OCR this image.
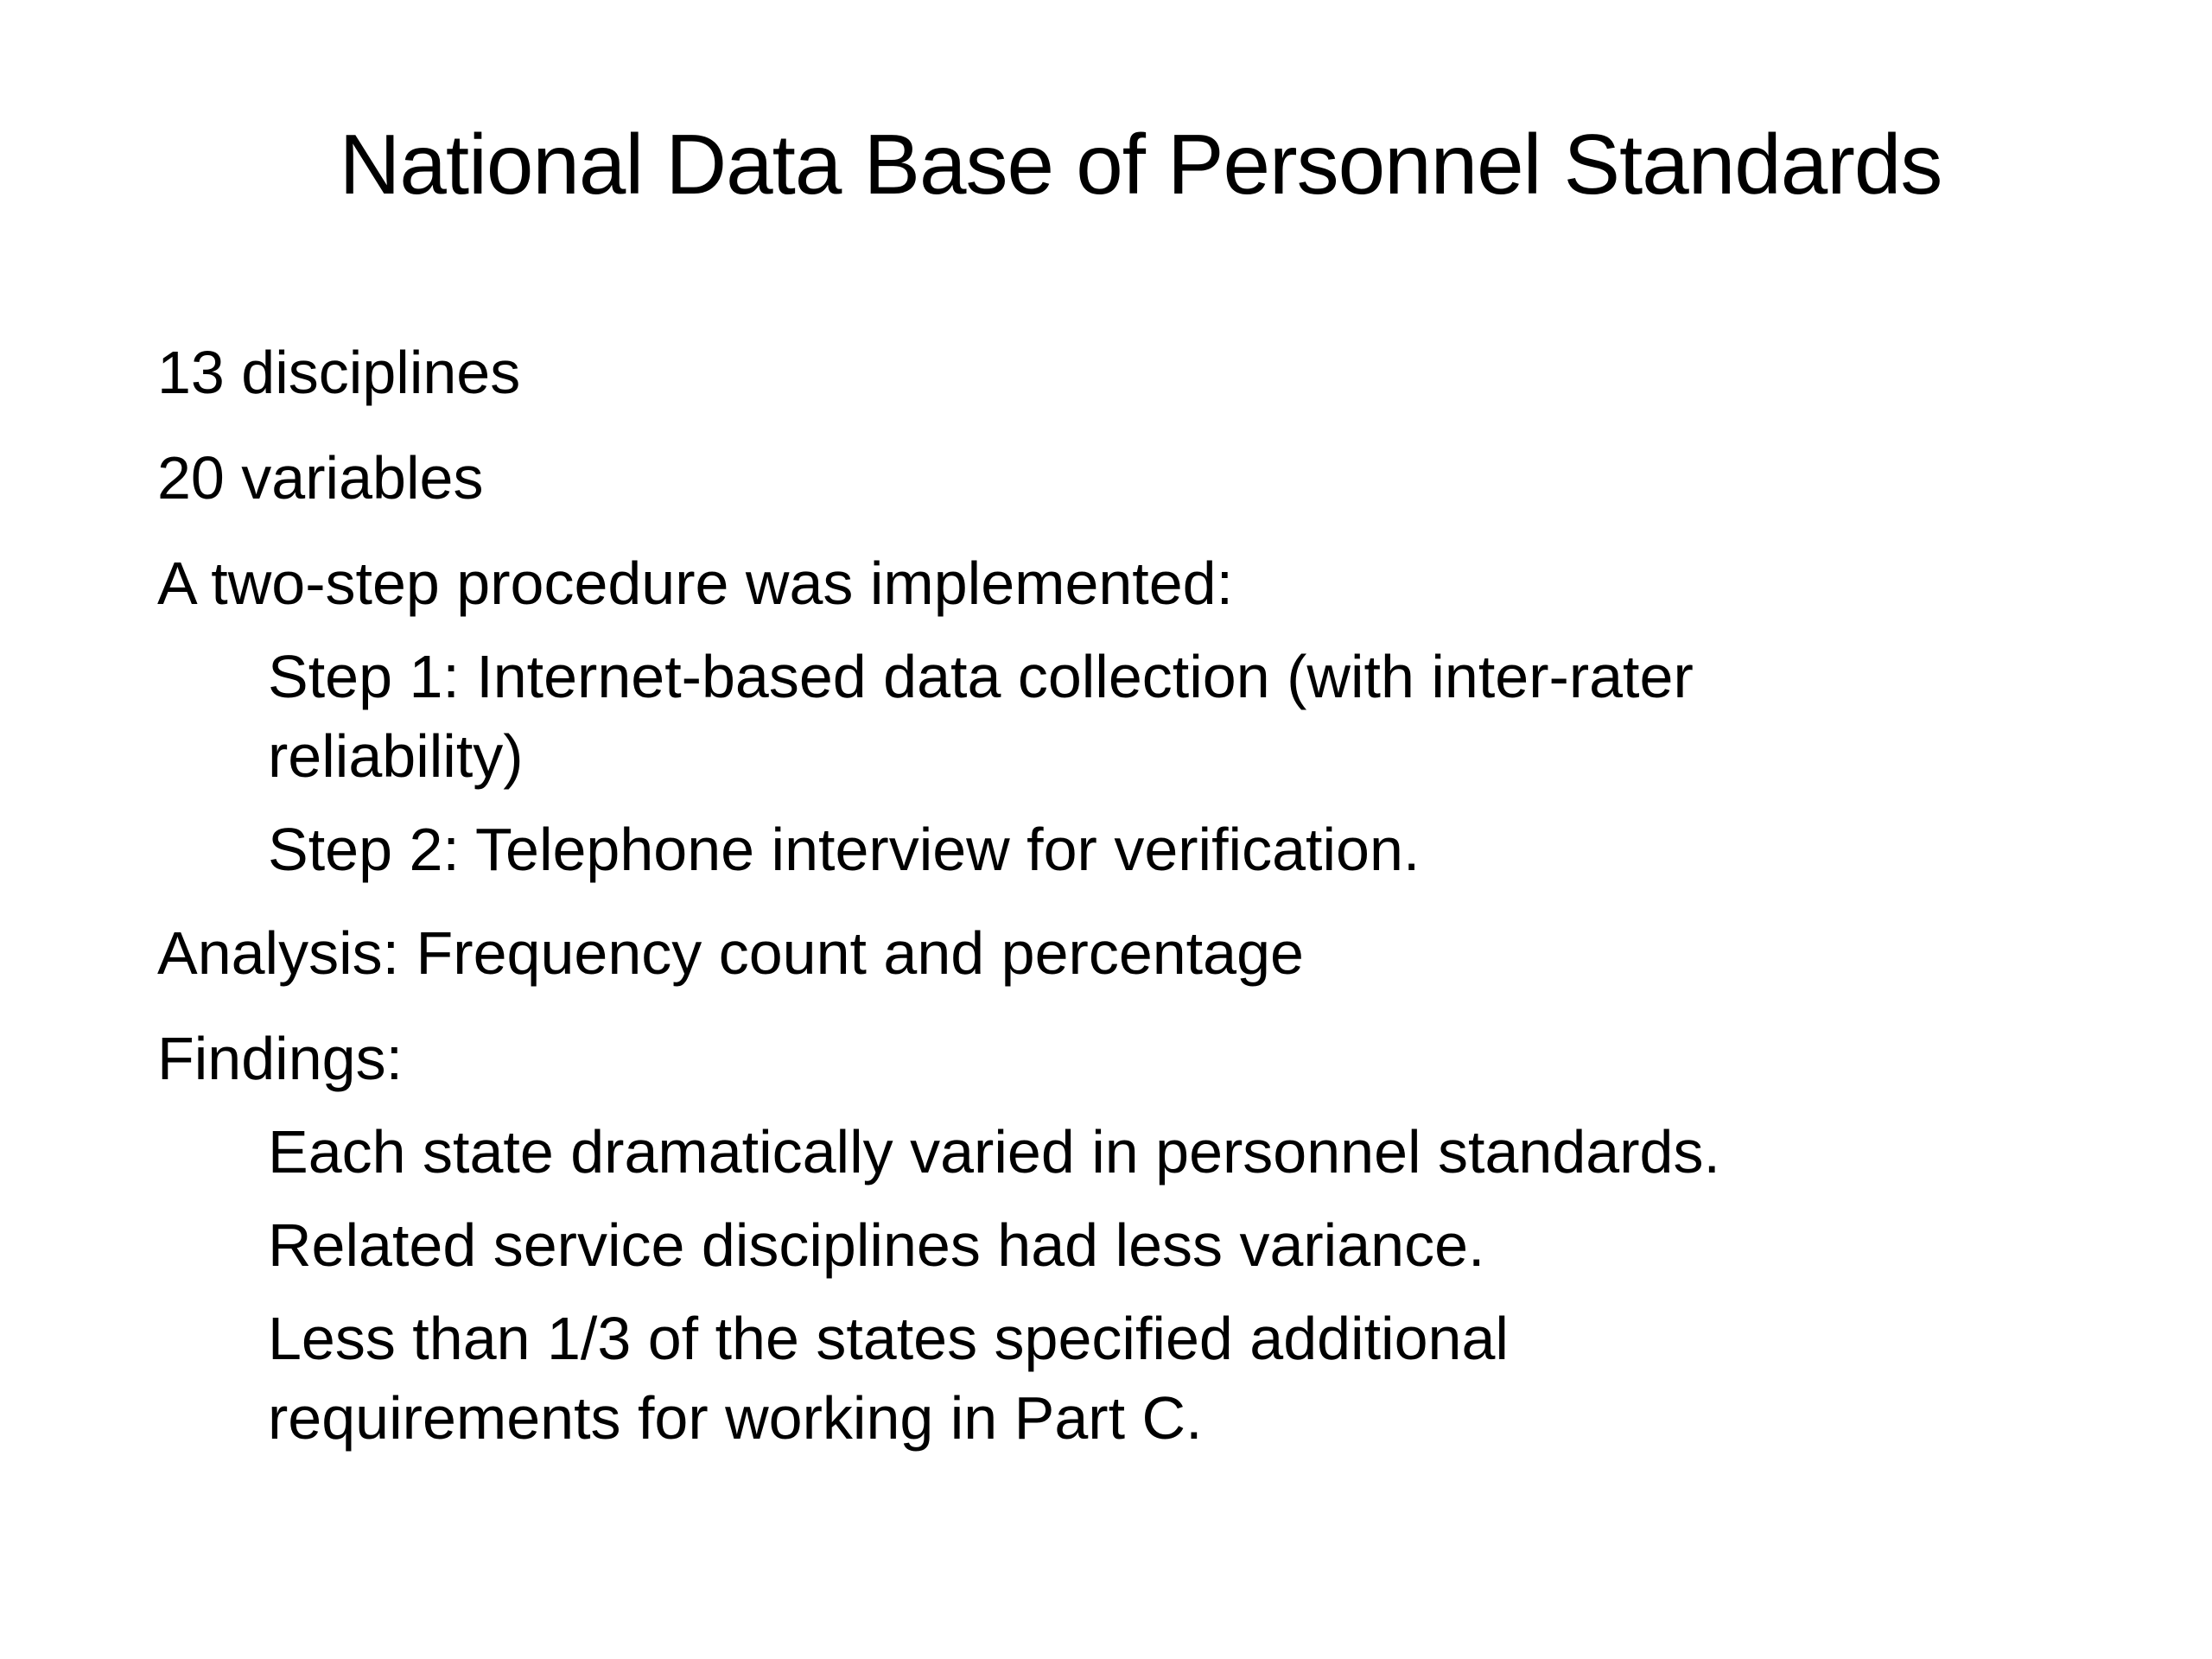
National Data Base of Personnel Standards
13 disciplines
20 variables
A two-step procedure was implemented:
Step 1: Internet-based data collection (with inter-rater
reliability)
Step 2: Telephone interview for verification.
Analysis: Frequency count and percentage
Findings:
Each state dramatically varied in personnel standards.
Related service disciplines had less variance.
Less than 1/3 of the states specified additional
requirements for working in Part C.
